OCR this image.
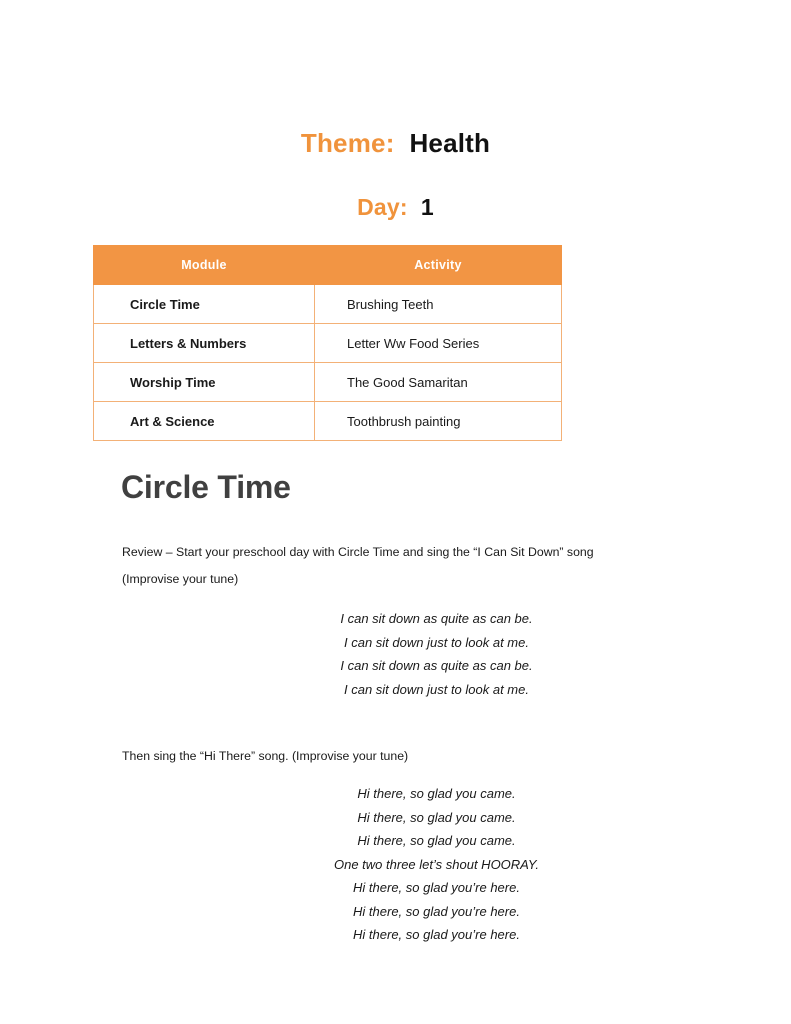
Theme: Health
Day: 1
Module	Activity
Circle Time	Brushing Teeth
Letters & Numbers	Letter Ww Food Series
Worship Time	The Good Samaritan
Art & Science	Toothbrush painting
Circle Time

Review – Start your preschool day with Circle Time and sing the “I Can Sit Down” song

(Improvise your tune)

I can sit down as quite as can be.
I can sit down just to look at me.
I can sit down as quite as can be.
I can sit down just to look at me.

Then sing the “Hi There” song. (Improvise your tune)

Hi there, so glad you came.
Hi there, so glad you came.
Hi there, so glad you came.
One two three let’s shout HOORAY.
Hi there, so glad you’re here.
Hi there, so glad you’re here.
Hi there, so glad you’re here.
